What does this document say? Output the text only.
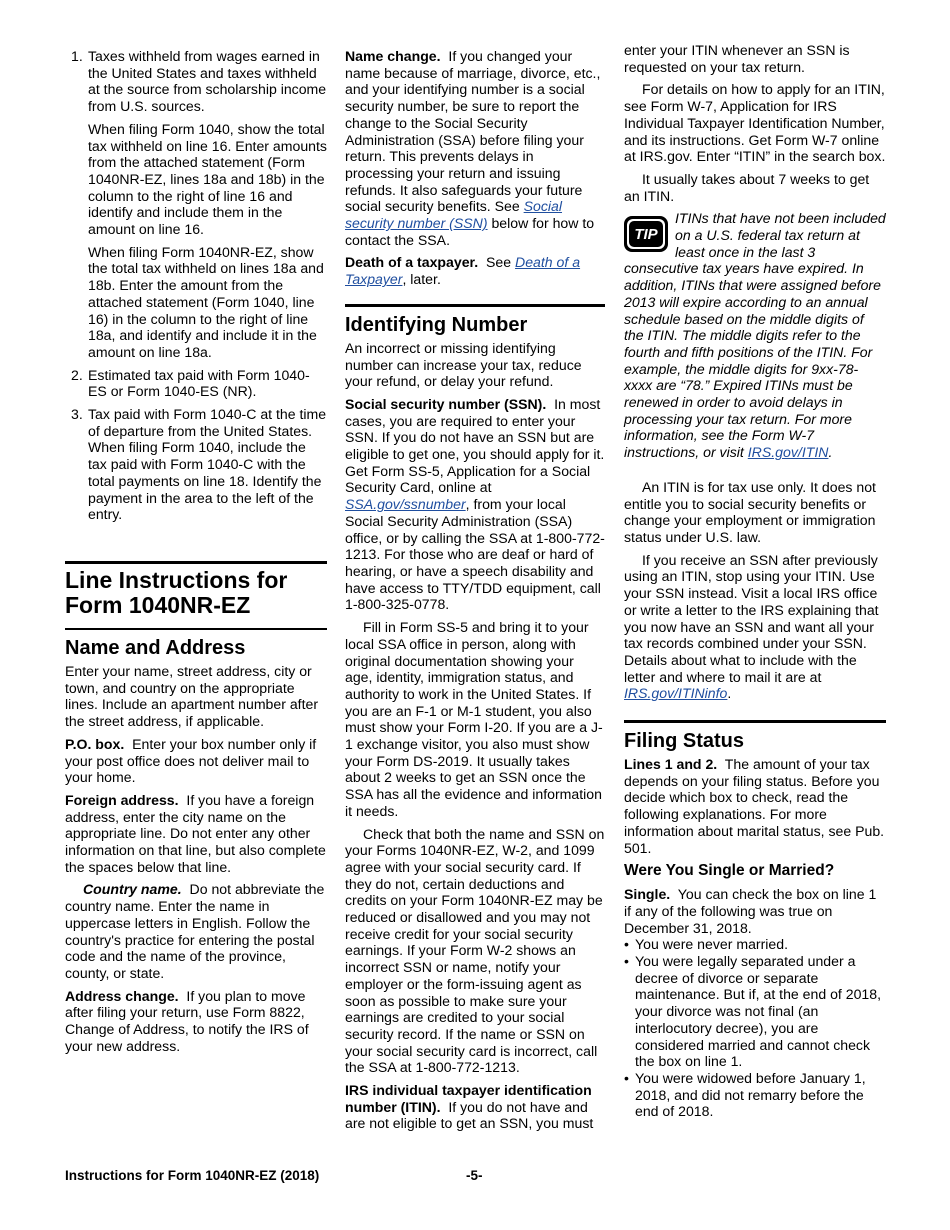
1. Taxes withheld from wages earned in the United States and taxes withheld at the source from scholarship income from U.S. sources.

When filing Form 1040, show the total tax withheld on line 16. Enter amounts from the attached statement (Form 1040NR-EZ, lines 18a and 18b) in the column to the right of line 16 and identify and include them in the amount on line 16.

When filing Form 1040NR-EZ, show the total tax withheld on lines 18a and 18b. Enter the amount from the attached statement (Form 1040, line 16) in the column to the right of line 18a, and identify and include it in the amount on line 18a.

2. Estimated tax paid with Form 1040-ES or Form 1040-ES (NR).

3. Tax paid with Form 1040-C at the time of departure from the United States. When filing Form 1040, include the tax paid with Form 1040-C with the total payments on line 18. Identify the payment in the area to the left of the entry.

Line Instructions for Form 1040NR-EZ
Name and Address

Enter your name, street address, city or town, and country on the appropriate lines. Include an apartment number after the street address, if applicable.

P.O. box. Enter your box number only if your post office does not deliver mail to your home.

Foreign address. If you have a foreign address, enter the city name on the appropriate line. Do not enter any other information on that line, but also complete the spaces below that line.

Country name. Do not abbreviate the country name. Enter the name in uppercase letters in English. Follow the country's practice for entering the postal code and the name of the province, county, or state.

Address change. If you plan to move after filing your return, use Form 8822, Change of Address, to notify the IRS of your new address.

Name change. If you changed your name because of marriage, divorce, etc., and your identifying number is a social security number, be sure to report the change to the Social Security Administration (SSA) before filing your return. This prevents delays in processing your return and issuing refunds. It also safeguards your future social security benefits. See Social security number (SSN) below for how to contact the SSA.

Death of a taxpayer. See Death of a Taxpayer, later.

Identifying Number

An incorrect or missing identifying number can increase your tax, reduce your refund, or delay your refund.

Social security number (SSN). In most cases, you are required to enter your SSN. If you do not have an SSN but are eligible to get one, you should apply for it. Get Form SS-5, Application for a Social Security Card, online at SSA.gov/ssnumber, from your local Social Security Administration (SSA) office, or by calling the SSA at 1-800-772-1213. For those who are deaf or hard of hearing, or have a speech disability and have access to TTY/TDD equipment, call 1-800-325-0778.

Fill in Form SS-5 and bring it to your local SSA office in person, along with original documentation showing your age, identity, immigration status, and authority to work in the United States. If you are an F-1 or M-1 student, you also must show your Form I-20. If you are a J-1 exchange visitor, you also must show your Form DS-2019. It usually takes about 2 weeks to get an SSN once the SSA has all the evidence and information it needs.

Check that both the name and SSN on your Forms 1040NR-EZ, W-2, and 1099 agree with your social security card. If they do not, certain deductions and credits on your Form 1040NR-EZ may be reduced or disallowed and you may not receive credit for your social security earnings. If your Form W-2 shows an incorrect SSN or name, notify your employer or the form-issuing agent as soon as possible to make sure your earnings are credited to your social security record. If the name or SSN on your social security card is incorrect, call the SSA at 1-800-772-1213.

IRS individual taxpayer identification number (ITIN). If you do not have and are not eligible to get an SSN, you must

enter your ITIN whenever an SSN is requested on your tax return.

For details on how to apply for an ITIN, see Form W-7, Application for IRS Individual Taxpayer Identification Number, and its instructions. Get Form W-7 online at IRS.gov. Enter “ITIN” in the search box.

It usually takes about 7 weeks to get an ITIN.

TIP
ITINs that have not been included on a U.S. federal tax return at least once in the last 3 consecutive tax years have expired. In addition, ITINs that were assigned before 2013 will expire according to an annual schedule based on the middle digits of the ITIN. The middle digits refer to the fourth and fifth positions of the ITIN. For example, the middle digits for 9xx-78-xxxx are “78.” Expired ITINs must be renewed in order to avoid delays in processing your tax return. For more information, see the Form W-7 instructions, or visit IRS.gov/ITIN.

An ITIN is for tax use only. It does not entitle you to social security benefits or change your employment or immigration status under U.S. law.

If you receive an SSN after previously using an ITIN, stop using your ITIN. Use your SSN instead. Visit a local IRS office or write a letter to the IRS explaining that you now have an SSN and want all your tax records combined under your SSN. Details about what to include with the letter and where to mail it are at IRS.gov/ITINinfo.

Filing Status

Lines 1 and 2. The amount of your tax depends on your filing status. Before you decide which box to check, read the following explanations. For more information about marital status, see Pub. 501.

Were You Single or Married?

Single. You can check the box on line 1 if any of the following was true on December 31, 2018.

• You were never married.

• You were legally separated under a decree of divorce or separate maintenance. But if, at the end of 2018, your divorce was not final (an interlocutory decree), you are considered married and cannot check the box on line 1.

• You were widowed before January 1, 2018, and did not remarry before the end of 2018.

Instructions for Form 1040NR-EZ (2018)	-5-
